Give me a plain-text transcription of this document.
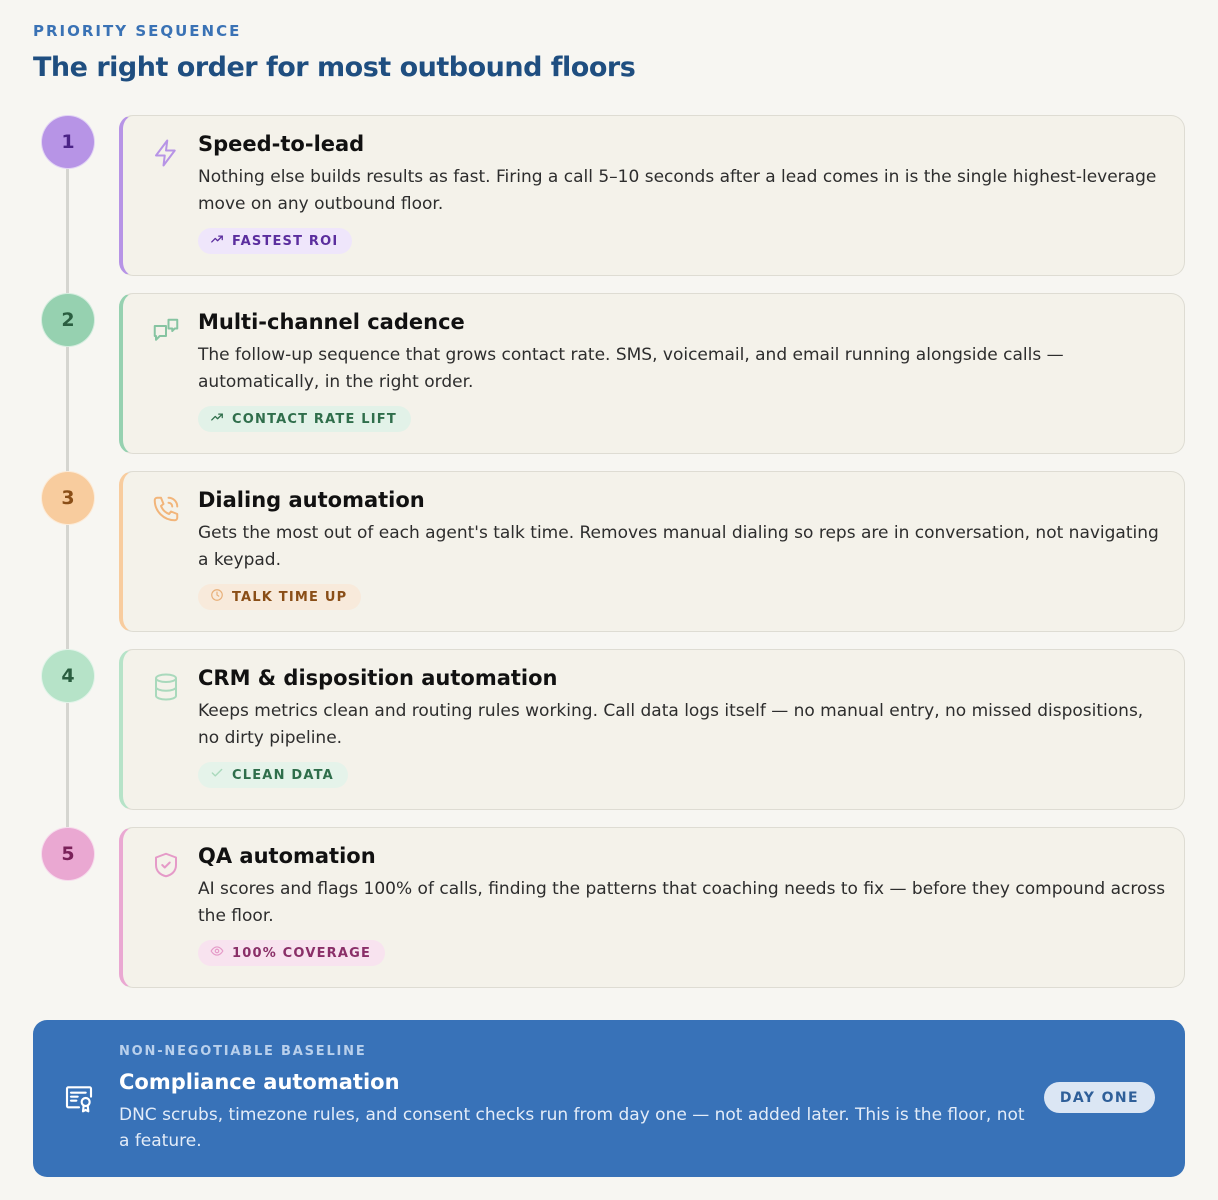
PRIORITY SEQUENCE
The right order for most outbound floors
1	Speed-to-lead
Nothing else builds results as fast. Firing a call 5–10 seconds after a lead comes in is the single highest-leverage move on any outbound floor.
FASTEST ROI
2	Multi-channel cadence
The follow-up sequence that grows contact rate. SMS, voicemail, and email running alongside calls — automatically, in the right order.
CONTACT RATE LIFT
3	Dialing automation
Gets the most out of each agent's talk time. Removes manual dialing so reps are in conversation, not navigating a keypad.
TALK TIME UP
4	CRM & disposition automation
Keeps metrics clean and routing rules working. Call data logs itself — no manual entry, no missed dispositions, no dirty pipeline.
CLEAN DATA
5	QA automation
AI scores and flags 100% of calls, finding the patterns that coaching needs to fix — before they compound across the floor.
100% COVERAGE
NON-NEGOTIABLE BASELINE
Compliance automation
DNC scrubs, timezone rules, and consent checks run from day one — not added later. This is the floor, not a feature.
DAY ONE
